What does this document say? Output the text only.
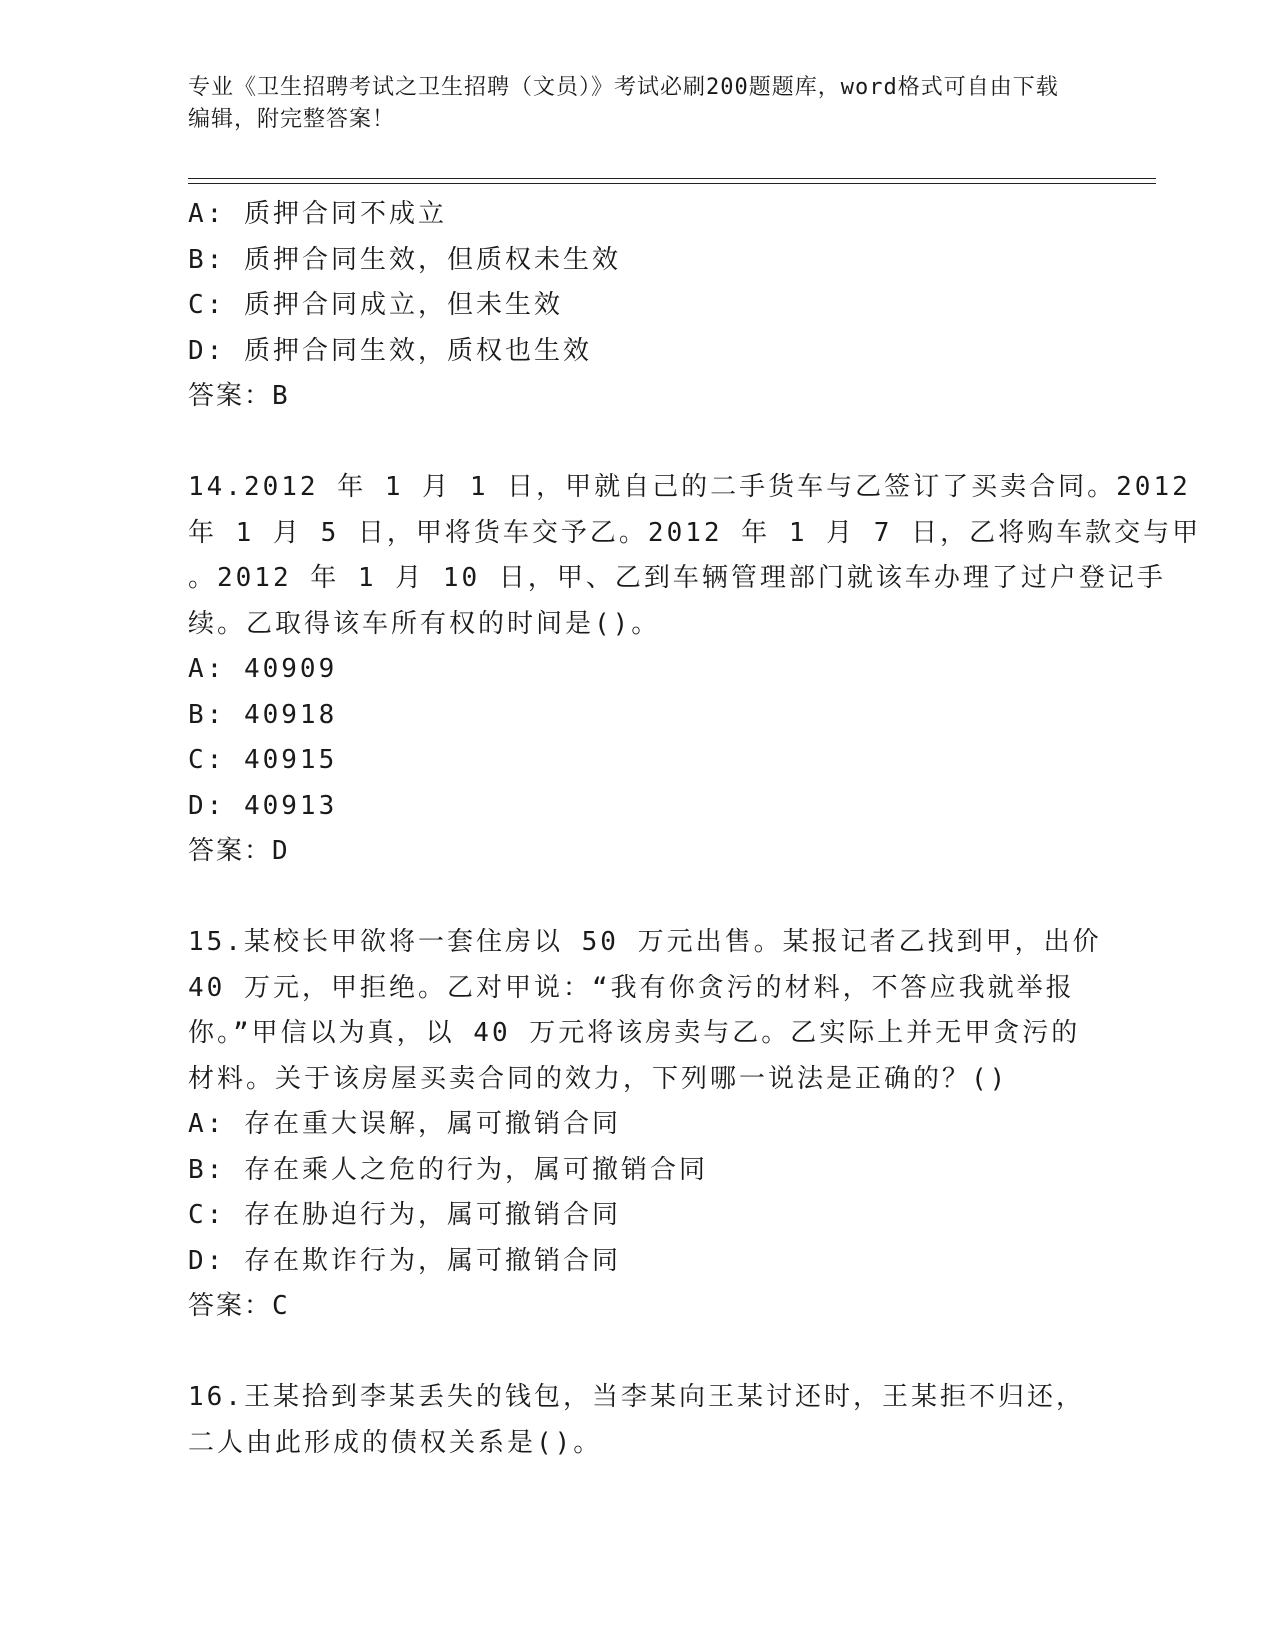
专业《卫生招聘考试之卫生招聘（文员）》考试必刷200题题库，word格式可自由下载编辑，附完整答案！
A: 质押合同不成立
B: 质押合同生效，但质权未生效
C: 质押合同成立，但未生效
D: 质押合同生效，质权也生效
答案：B
14.2012 年 1 月 1 日，甲就自己的二手货车与乙签订了买卖合同。2012
年 1 月 5 日，甲将货车交予乙。2012 年 1 月 7 日，乙将购车款交与甲
。2012 年 1 月 10 日，甲、乙到车辆管理部门就该车办理了过户登记手
续。乙取得该车所有权的时间是()。
A: 40909
B: 40918
C: 40915
D: 40913
答案：D
15.某校长甲欲将一套住房以 50 万元出售。某报记者乙找到甲，出价
40 万元，甲拒绝。乙对甲说：“我有你贪污的材料，不答应我就举报
你。”甲信以为真，以 40 万元将该房卖与乙。乙实际上并无甲贪污的
材料。关于该房屋买卖合同的效力，下列哪一说法是正确的？()
A: 存在重大误解，属可撤销合同
B: 存在乘人之危的行为，属可撤销合同
C: 存在胁迫行为，属可撤销合同
D: 存在欺诈行为，属可撤销合同
答案：C
16.王某拾到李某丢失的钱包，当李某向王某讨还时，王某拒不归还，
二人由此形成的债权关系是()。
